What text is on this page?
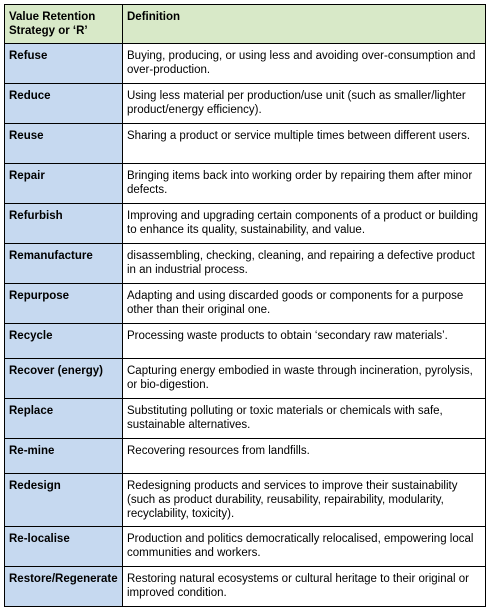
Value Retention Strategy or ‘R’	Definition
Refuse	Buying, producing, or using less and avoiding over-consumption and over-production.
Reduce	Using less material per production/use unit (such as smaller/lighter product/energy efficiency).
Reuse	Sharing a product or service multiple times between different users.
Repair	Bringing items back into working order by repairing them after minor defects.
Refurbish	Improving and upgrading certain components of a product or building to enhance its quality, sustainability, and value.
Remanufacture	disassembling, checking, cleaning, and repairing a defective product in an industrial process.
Repurpose	Adapting and using discarded goods or components for a purpose other than their original one.
Recycle	Processing waste products to obtain ‘secondary raw materials’.
Recover (energy)	Capturing energy embodied in waste through incineration, pyrolysis, or bio-digestion.
Replace	Substituting polluting or toxic materials or chemicals with safe, sustainable alternatives.
Re-mine	Recovering resources from landfills.
Redesign	Redesigning products and services to improve their sustainability (such as product durability, reusability, repairability, modularity, recyclability, toxicity).
Re-localise	Production and politics democratically relocalised, empowering local communities and workers.
Restore/Regenerate	Restoring natural ecosystems or cultural heritage to their original or improved condition.
